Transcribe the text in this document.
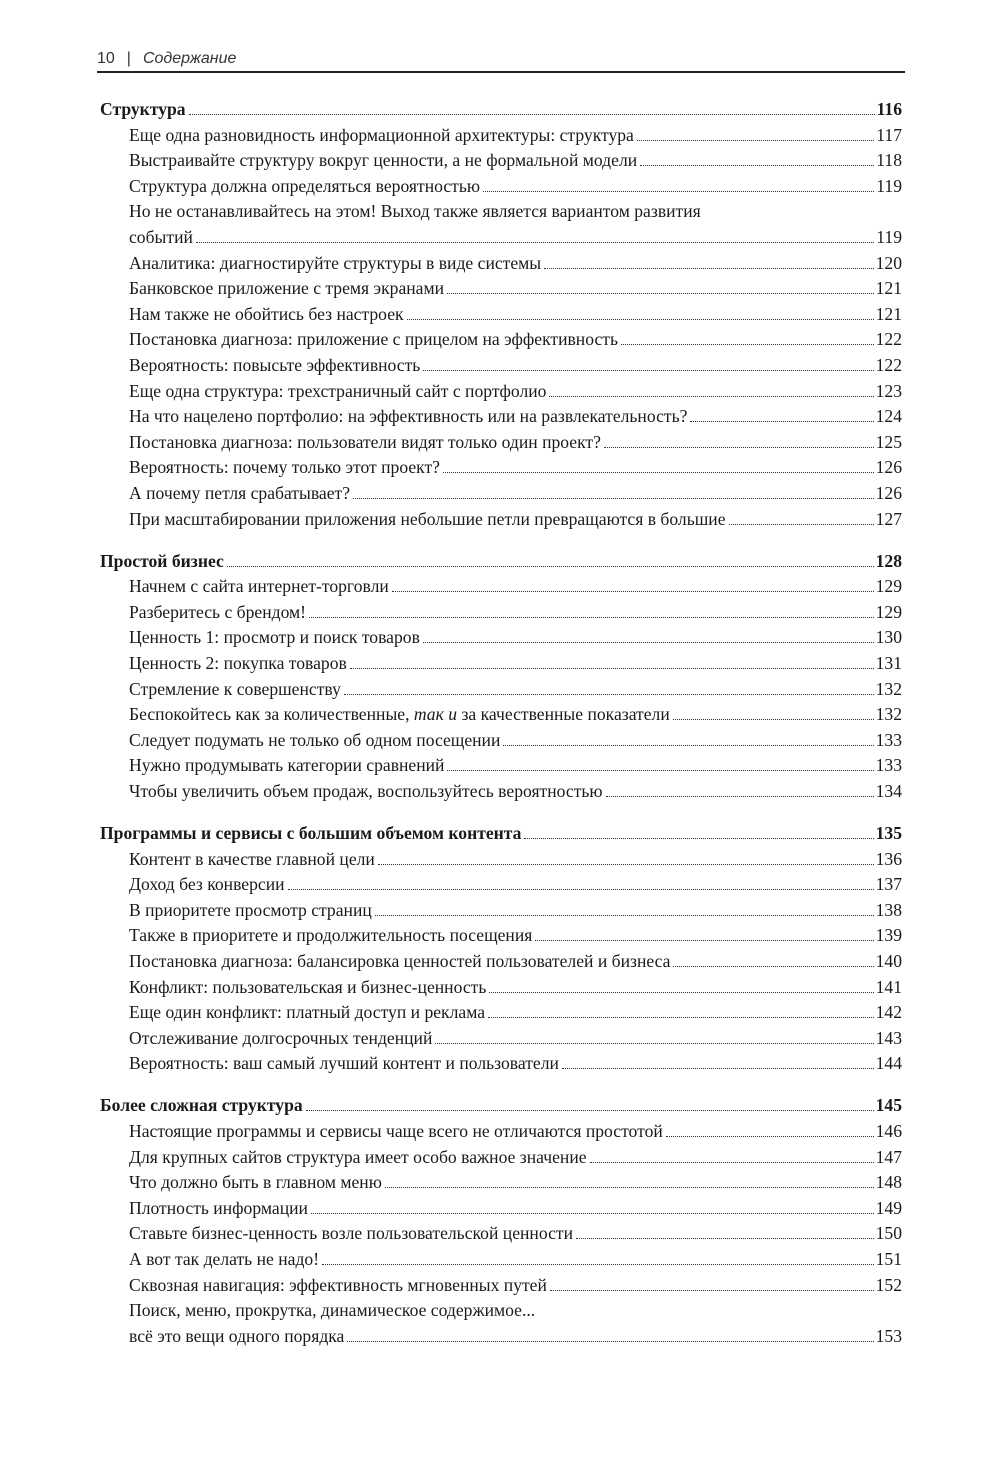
10 | Содержание
Структура	116
Еще одна разновидность информационной архитектуры: структура	117
Выстраивайте структуру вокруг ценности, а не формальной модели	118
Структура должна определяться вероятностью	119
Но не останавливайтесь на этом! Выход также является вариантом развития
событий	119
Аналитика: диагностируйте структуры в виде системы	120
Банковское приложение с тремя экранами	121
Нам также не обойтись без настроек	121
Постановка диагноза: приложение с прицелом на эффективность	122
Вероятность: повысьте эффективность	122
Еще одна структура: трехстраничный сайт с портфолио	123
На что нацелено портфолио: на эффективность или на развлекательность?	124
Постановка диагноза: пользователи видят только один проект?	125
Вероятность: почему только этот проект?	126
А почему петля срабатывает?	126
При масштабировании приложения небольшие петли превращаются в большие	127
Простой бизнес	128
Начнем с сайта интернет-торговли	129
Разберитесь с брендом!	129
Ценность 1: просмотр и поиск товаров	130
Ценность 2: покупка товаров	131
Стремление к совершенству	132
Беспокойтесь как за количественные, так и за качественные показатели	132
Следует подумать не только об одном посещении	133
Нужно продумывать категории сравнений	133
Чтобы увеличить объем продаж, воспользуйтесь вероятностью	134
Программы и сервисы с большим объемом контента	135
Контент в качестве главной цели	136
Доход без конверсии	137
В приоритете просмотр страниц	138
Также в приоритете и продолжительность посещения	139
Постановка диагноза: балансировка ценностей пользователей и бизнеса	140
Конфликт: пользовательская и бизнес-ценность	141
Еще один конфликт: платный доступ и реклама	142
Отслеживание долгосрочных тенденций	143
Вероятность: ваш самый лучший контент и пользователи	144
Более сложная структура	145
Настоящие программы и сервисы чаще всего не отличаются простотой	146
Для крупных сайтов структура имеет особо важное значение	147
Что должно быть в главном меню	148
Плотность информации	149
Ставьте бизнес-ценность возле пользовательской ценности	150
А вот так делать не надо!	151
Сквозная навигация: эффективность мгновенных путей	152
Поиск, меню, прокрутка, динамическое содержимое...
всё это вещи одного порядка	153
